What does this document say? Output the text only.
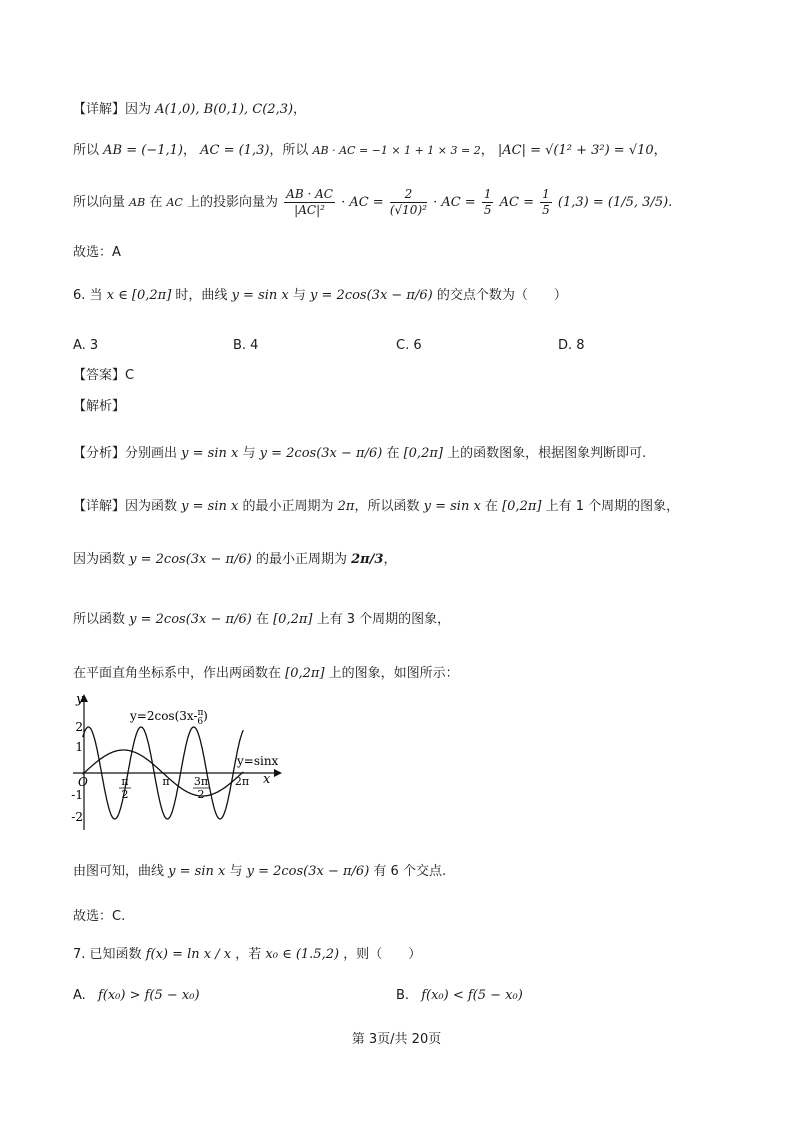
【详解】因为 A(1,0), B(0,1), C(2,3)，
所以 AB = (−1,1)， AC = (1,3)，所以 AB · AC = −1 × 1 + 1 × 3 = 2， |AC| = √(1² + 3²) = √10，
所以向量 AB 在 AC 上的投影向量为 $\frac{AB \cdot AC}{\text{|AC|²}}$ · AC = $\frac{2}{\text{(√10)²}}$ · AC = $\frac{1}{5}$ AC = $\frac{1}{5} (1,3) = (1/5$, 3/5).
故选：A
6. 当 x ∈ [0,2π] 时，曲线 y = sin x 与 y = 2cos(3x − π/6) 的交点个数为（　　）
A. 3	B. 4	C. 6	D. 8
【答案】C
【解析】
【分析】分别画出 y = sin x 与 y = 2cos(3x − π/6) 在 [0,2π] 上的函数图象，根据图象判断即可.
【详解】因为函数 y = sin x 的最小正周期为 2π，所以函数 y = sin x 在 [0,2π] 上有 1 个周期的图象，
因为函数 y = 2cos(3x − π/6) 的最小正周期为 2π/3，
所以函数 y = 2cos(3x − π/6) 在 [0,2π] 上有 3 个周期的图象，
在平面直角坐标系中，作出两函数在 [0,2π] 上的图象，如图所示：
y
x
O
2
1
-1
-2
π
2
π 3π
2
2π
y=2cos(3x-$^\pi$ 6)
y=sinx
由图可知，曲线 y = sin x 与 y = 2cos(3x − π/6) 有 6 个交点.
故选：C.
7. 已知函数 f(x) = ln x / x ，若 x₀ ∈ (1.5,2) ，则（　　）
A. f(x₀) > f(5 − x₀)	B. f(x₀) < f(5 − x₀)
第 3页/共 20页
